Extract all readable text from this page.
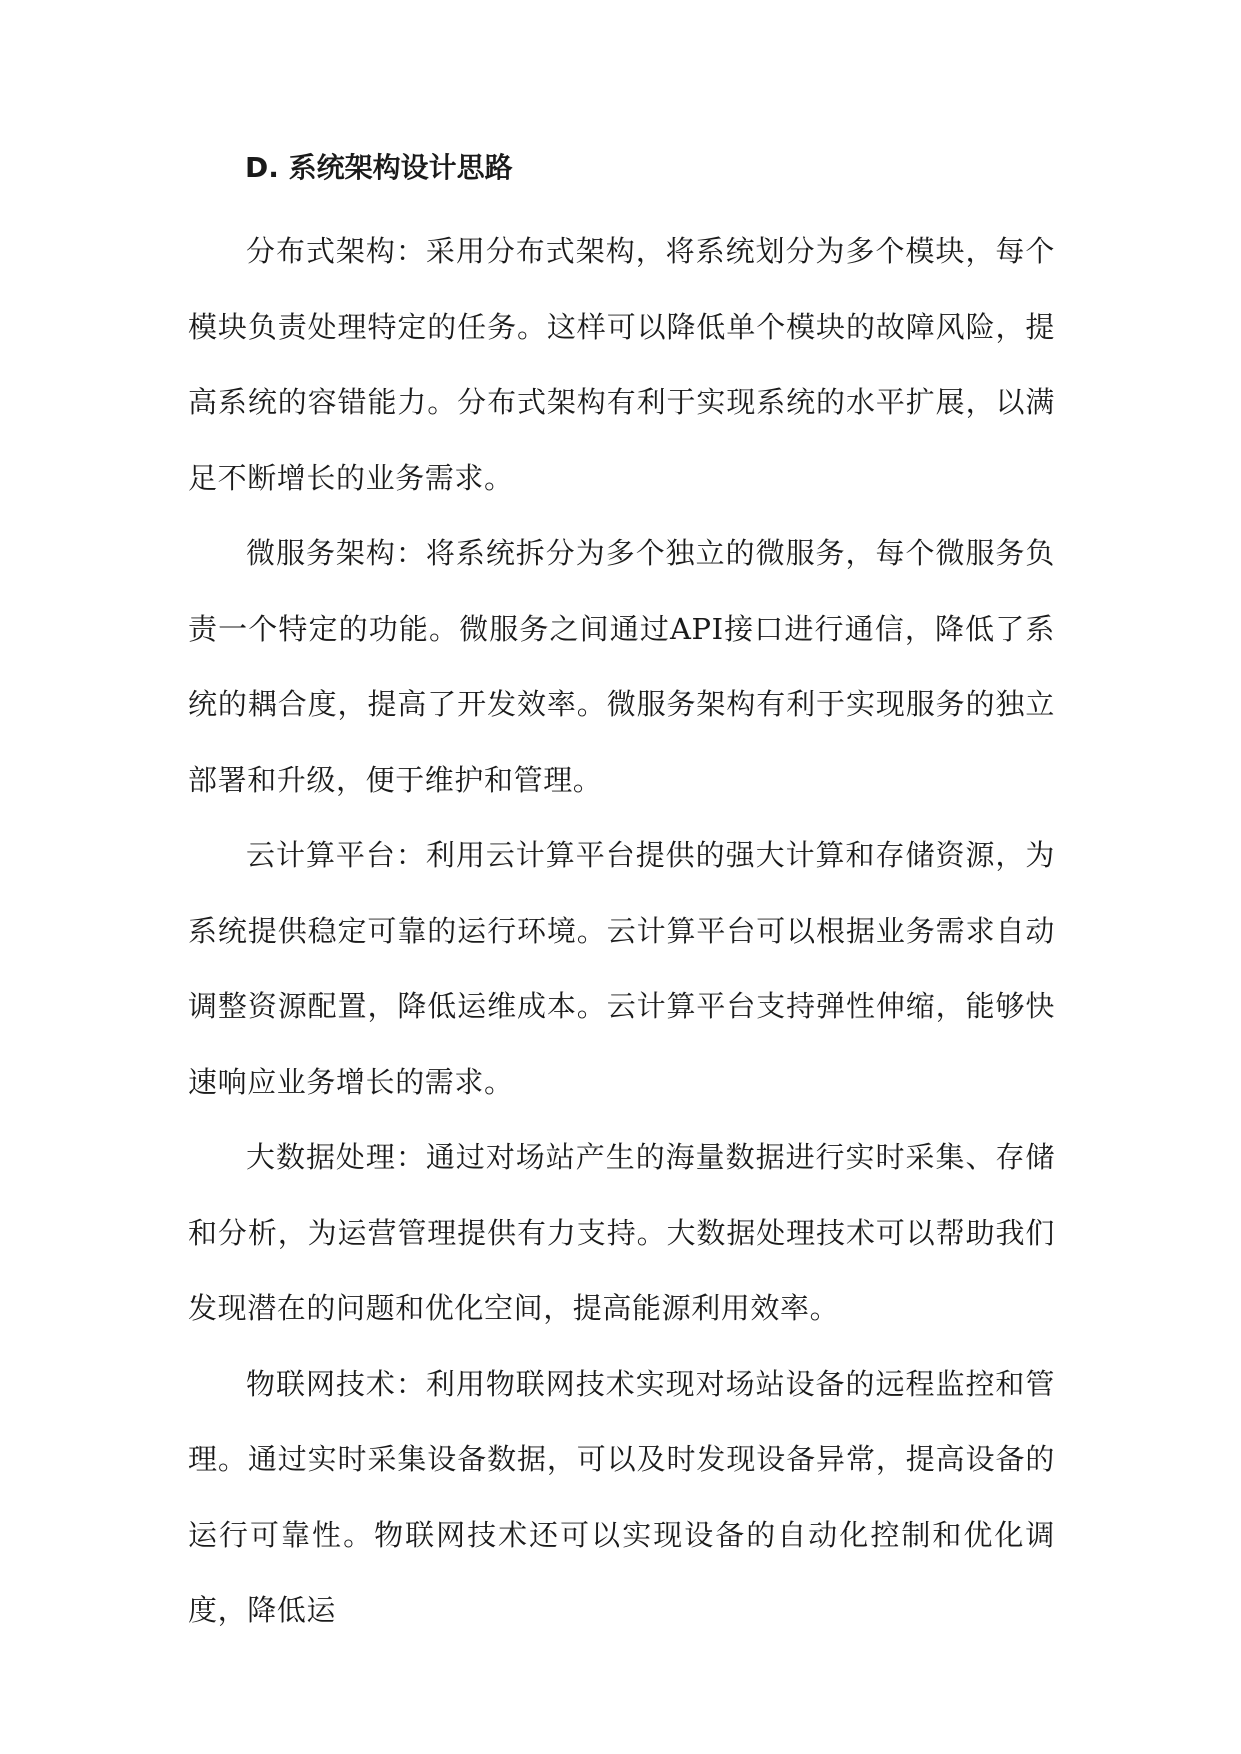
D. 系统架构设计思路

分布式架构：采用分布式架构，将系统划分为多个模块，每个模块负责处理特定的任务。这样可以降低单个模块的故障风险，提高系统的容错能力。分布式架构有利于实现系统的水平扩展，以满足不断增长的业务需求。

微服务架构：将系统拆分为多个独立的微服务，每个微服务负责一个特定的功能。微服务之间通过API接口进行通信，降低了系统的耦合度，提高了开发效率。微服务架构有利于实现服务的独立部署和升级，便于维护和管理。

云计算平台：利用云计算平台提供的强大计算和存储资源，为系统提供稳定可靠的运行环境。云计算平台可以根据业务需求自动调整资源配置，降低运维成本。云计算平台支持弹性伸缩，能够快速响应业务增长的需求。

大数据处理：通过对场站产生的海量数据进行实时采集、存储和分析，为运营管理提供有力支持。大数据处理技术可以帮助我们发现潜在的问题和优化空间，提高能源利用效率。

物联网技术：利用物联网技术实现对场站设备的远程监控和管理。通过实时采集设备数据，可以及时发现设备异常，提高设备的运行可靠性。物联网技术还可以实现设备的自动化控制和优化调度，降低运
